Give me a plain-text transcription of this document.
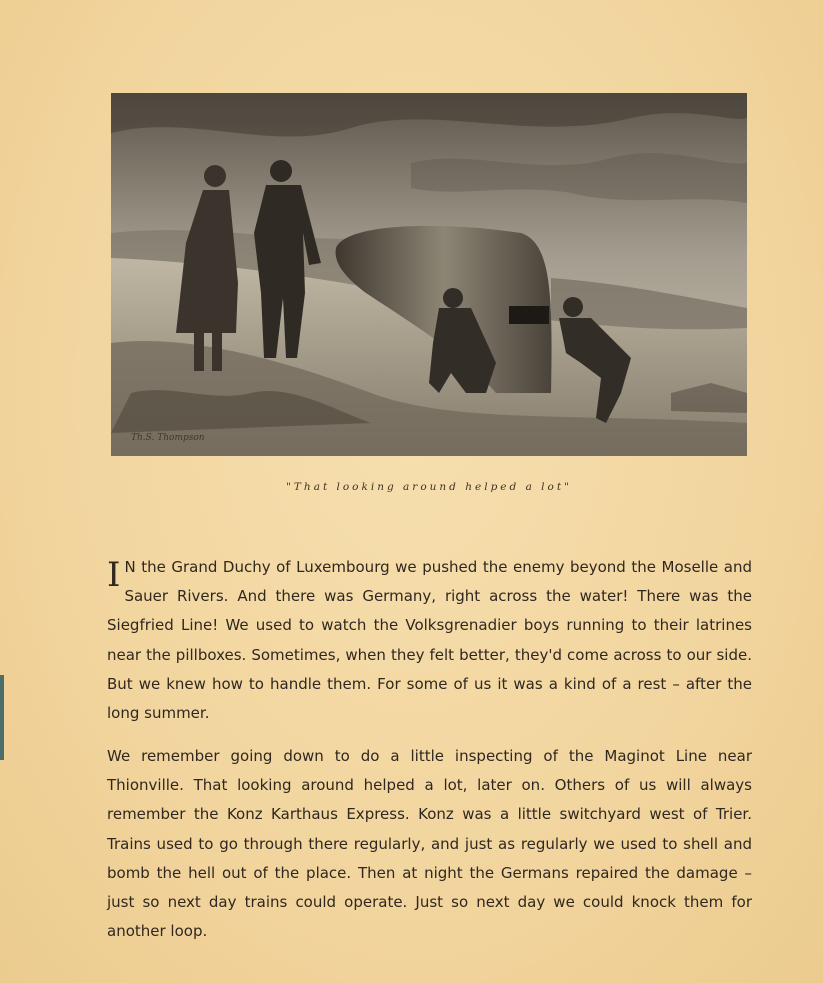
Th.S. Thompson
"That looking around helped a lot"
I N the Grand Duchy of Luxembourg we pushed the enemy beyond the Moselle and Sauer Rivers. And there was Germany, right across the water! There was the Siegfried Line! We used to watch the Volksgrenadier boys running to their latrines near the pillboxes. Sometimes, when they felt better, they'd come across to our side. But we knew how to handle them. For some of us it was a kind of a rest – after the long summer.
We remember going down to do a little inspecting of the Maginot Line near Thionville. That looking around helped a lot, later on. Others of us will always remember the Konz Karthaus Express. Konz was a little switchyard west of Trier. Trains used to go through there regularly, and just as regularly we used to shell and bomb the hell out of the place. Then at night the Germans repaired the damage – just so next day trains could operate. Just so next day we could knock them for another loop.
